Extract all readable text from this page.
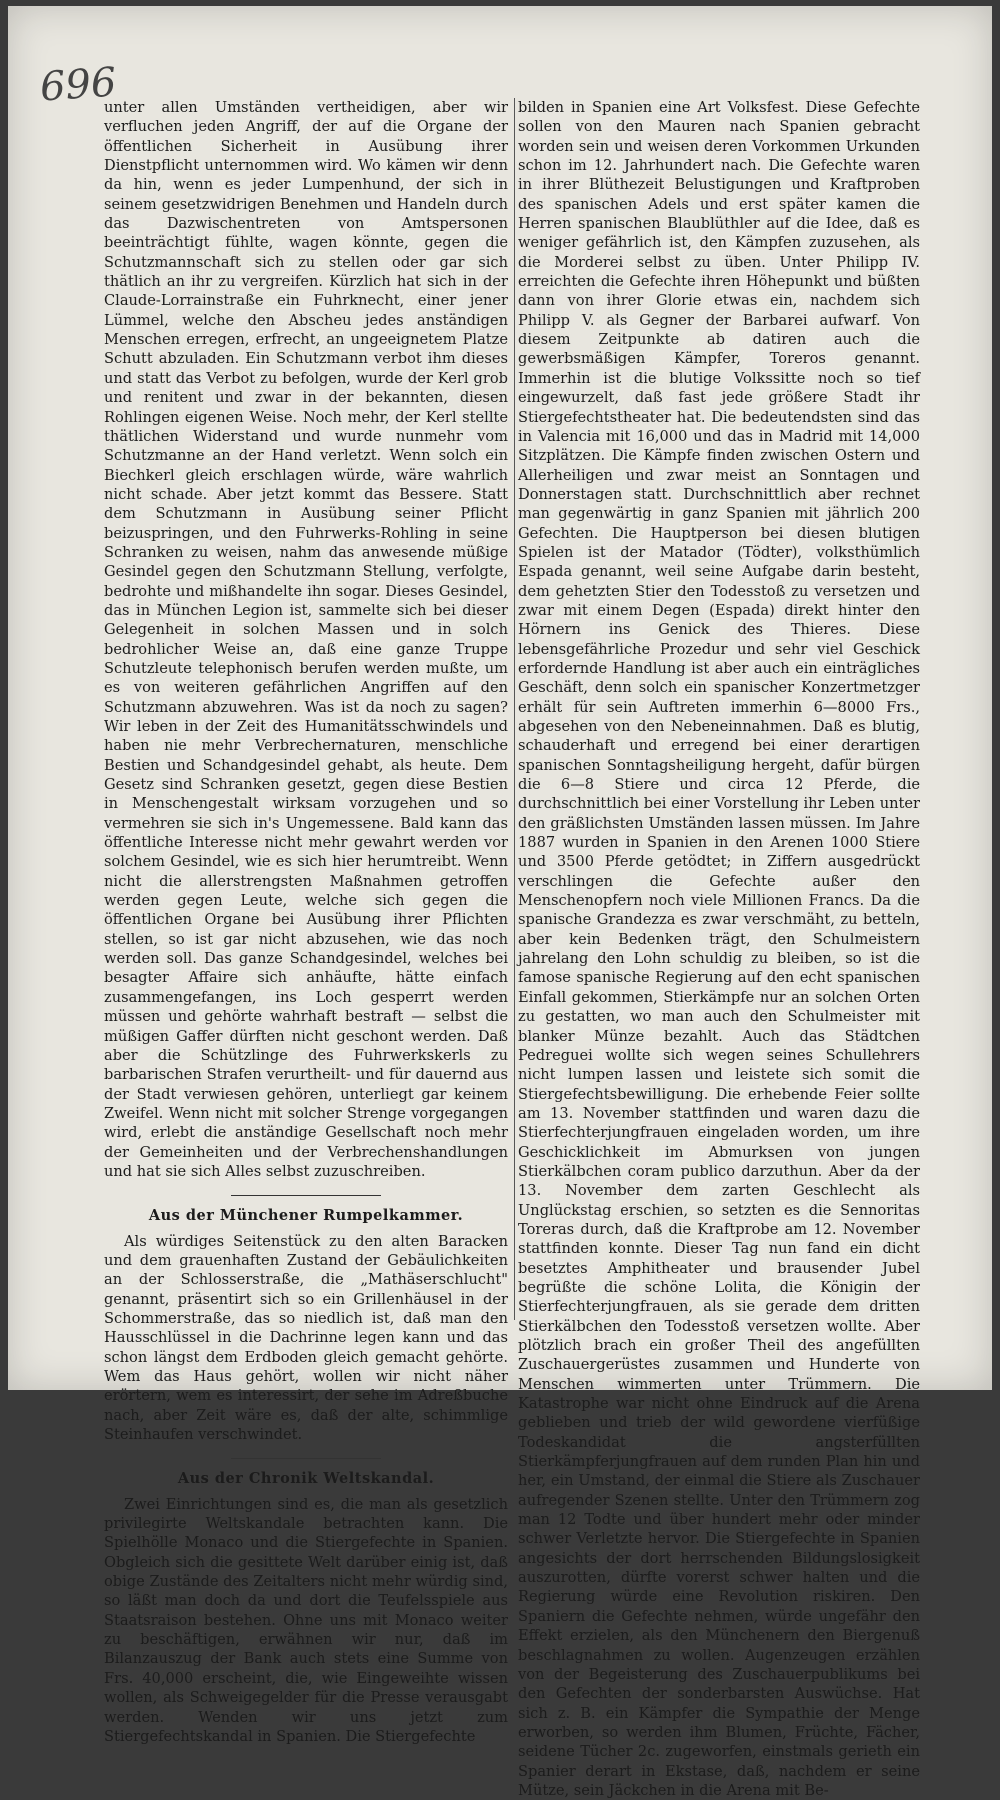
696

unter allen Umständen vertheidigen, aber wir verfluchen jeden Angriff, der auf die Organe der öffentlichen Sicherheit in Ausübung ihrer Dienstpflicht unternommen wird. Wo kämen wir denn da hin, wenn es jeder Lumpenhund, der sich in seinem gesetzwidrigen Benehmen und Handeln durch das Dazwischentreten von Amtspersonen beeinträchtigt fühlte, wagen könnte, gegen die Schutzmannschaft sich zu stellen oder gar sich thätlich an ihr zu vergreifen. Kürzlich hat sich in der Claude-Lorrainstraße ein Fuhrknecht, einer jener Lümmel, welche den Abscheu jedes anständigen Menschen erregen, erfrecht, an ungeeignetem Platze Schutt abzuladen. Ein Schutzmann verbot ihm dieses und statt das Verbot zu befolgen, wurde der Kerl grob und renitent und zwar in der bekannten, diesen Rohlingen eigenen Weise. Noch mehr, der Kerl stellte thätlichen Widerstand und wurde nunmehr vom Schutzmanne an der Hand verletzt. Wenn solch ein Biechkerl gleich erschlagen würde, wäre wahrlich nicht schade. Aber jetzt kommt das Bessere. Statt dem Schutzmann in Ausübung seiner Pflicht beizuspringen, und den Fuhrwerks-Rohling in seine Schranken zu weisen, nahm das anwesende müßige Gesindel gegen den Schutzmann Stellung, verfolgte, bedrohte und mißhandelte ihn sogar. Dieses Gesindel, das in München Legion ist, sammelte sich bei dieser Gelegenheit in solchen Massen und in solch bedrohlicher Weise an, daß eine ganze Truppe Schutzleute telephonisch berufen werden mußte, um es von weiteren gefährlichen Angriffen auf den Schutzmann abzuwehren. Was ist da noch zu sagen? Wir leben in der Zeit des Humanitätsschwindels und haben nie mehr Verbrechernaturen, menschliche Bestien und Schandgesindel gehabt, als heute. Dem Gesetz sind Schranken gesetzt, gegen diese Bestien in Menschengestalt wirksam vorzugehen und so vermehren sie sich in's Ungemessene. Bald kann das öffentliche Interesse nicht mehr gewahrt werden vor solchem Gesindel, wie es sich hier herumtreibt. Wenn nicht die allerstrengsten Maßnahmen getroffen werden gegen Leute, welche sich gegen die öffentlichen Organe bei Ausübung ihrer Pflichten stellen, so ist gar nicht abzusehen, wie das noch werden soll. Das ganze Schandgesindel, welches bei besagter Affaire sich anhäufte, hätte einfach zusammengefangen, ins Loch gesperrt werden müssen und gehörte wahrhaft bestraft — selbst die müßigen Gaffer dürften nicht geschont werden. Daß aber die Schützlinge des Fuhrwerkskerls zu barbarischen Strafen verurtheilt- und für dauernd aus der Stadt verwiesen gehören, unterliegt gar keinem Zweifel. Wenn nicht mit solcher Strenge vorgegangen wird, erlebt die anständige Gesellschaft noch mehr der Gemeinheiten und der Verbrechenshandlungen und hat sie sich Alles selbst zuzuschreiben.

Aus der Münchener Rumpelkammer.

Als würdiges Seitenstück zu den alten Baracken und dem grauenhaften Zustand der Gebäulichkeiten an der Schlosserstraße, die „Mathäserschlucht" genannt, präsentirt sich so ein Grillenhäusel in der Schommerstraße, das so niedlich ist, daß man den Hausschlüssel in die Dachrinne legen kann und das schon längst dem Erdboden gleich gemacht gehörte. Wem das Haus gehört, wollen wir nicht näher erörtern, wem es interessirt, der sehe im Adreßbuche nach, aber Zeit wäre es, daß der alte, schimmlige Steinhaufen verschwindet.

Aus der Chronik Weltskandal.

Zwei Einrichtungen sind es, die man als gesetzlich privilegirte Weltskandale betrachten kann. Die Spielhölle Monaco und die Stiergefechte in Spanien. Obgleich sich die gesittete Welt darüber einig ist, daß obige Zustände des Zeitalters nicht mehr würdig sind, so läßt man doch da und dort die Teufelsspiele aus Staatsraison bestehen. Ohne uns mit Monaco weiter zu beschäftigen, erwähnen wir nur, daß im Bilanzauszug der Bank auch stets eine Summe von Frs. 40,000 erscheint, die, wie Eingeweihte wissen wollen, als Schweigegelder für die Presse verausgabt werden. Wenden wir uns jetzt zum Stiergefechtskandal in Spanien. Die Stiergefechte

bilden in Spanien eine Art Volksfest. Diese Gefechte sollen von den Mauren nach Spanien gebracht worden sein und weisen deren Vorkommen Urkunden schon im 12. Jahrhundert nach. Die Gefechte waren in ihrer Blüthezeit Belustigungen und Kraftproben des spanischen Adels und erst später kamen die Herren spanischen Blaublüthler auf die Idee, daß es weniger gefährlich ist, den Kämpfen zuzusehen, als die Morderei selbst zu üben. Unter Philipp IV. erreichten die Gefechte ihren Höhepunkt und büßten dann von ihrer Glorie etwas ein, nachdem sich Philipp V. als Gegner der Barbarei aufwarf. Von diesem Zeitpunkte ab datiren auch die gewerbsmäßigen Kämpfer, Toreros genannt. Immerhin ist die blutige Volkssitte noch so tief eingewurzelt, daß fast jede größere Stadt ihr Stiergefechtstheater hat. Die bedeutendsten sind das in Valencia mit 16,000 und das in Madrid mit 14,000 Sitzplätzen. Die Kämpfe finden zwischen Ostern und Allerheiligen und zwar meist an Sonntagen und Donnerstagen statt. Durchschnittlich aber rechnet man gegenwärtig in ganz Spanien mit jährlich 200 Gefechten. Die Hauptperson bei diesen blutigen Spielen ist der Matador (Tödter), volksthümlich Espada genannt, weil seine Aufgabe darin besteht, dem gehetzten Stier den Todesstoß zu versetzen und zwar mit einem Degen (Espada) direkt hinter den Hörnern ins Genick des Thieres. Diese lebensgefährliche Prozedur und sehr viel Geschick erfordernde Handlung ist aber auch ein einträgliches Geschäft, denn solch ein spanischer Konzertmetzger erhält für sein Auftreten immerhin 6—8000 Frs., abgesehen von den Nebeneinnahmen. Daß es blutig, schauderhaft und erregend bei einer derartigen spanischen Sonntagsheiligung hergeht, dafür bürgen die 6—8 Stiere und circa 12 Pferde, die durchschnittlich bei einer Vorstellung ihr Leben unter den gräßlichsten Umständen lassen müssen. Im Jahre 1887 wurden in Spanien in den Arenen 1000 Stiere und 3500 Pferde getödtet; in Ziffern ausgedrückt verschlingen die Gefechte außer den Menschenopfern noch viele Millionen Francs. Da die spanische Grandezza es zwar verschmäht, zu betteln, aber kein Bedenken trägt, den Schulmeistern jahrelang den Lohn schuldig zu bleiben, so ist die famose spanische Regierung auf den echt spanischen Einfall gekommen, Stierkämpfe nur an solchen Orten zu gestatten, wo man auch den Schulmeister mit blanker Münze bezahlt. Auch das Städtchen Pedreguei wollte sich wegen seines Schullehrers nicht lumpen lassen und leistete sich somit die Stiergefechtsbewilligung. Die erhebende Feier sollte am 13. November stattfinden und waren dazu die Stierfechterjungfrauen eingeladen worden, um ihre Geschicklichkeit im Abmurksen von jungen Stierkälbchen coram publico darzuthun. Aber da der 13. November dem zarten Geschlecht als Unglückstag erschien, so setzten es die Sennoritas Toreras durch, daß die Kraftprobe am 12. November stattfinden konnte. Dieser Tag nun fand ein dicht besetztes Amphitheater und brausender Jubel begrüßte die schöne Lolita, die Königin der Stierfechterjungfrauen, als sie gerade dem dritten Stierkälbchen den Todesstoß versetzen wollte. Aber plötzlich brach ein großer Theil des angefüllten Zuschauergerüstes zusammen und Hunderte von Menschen wimmerten unter Trümmern. Die Katastrophe war nicht ohne Eindruck auf die Arena geblieben und trieb der wild gewordene vierfüßige Todeskandidat die angsterfüllten Stierkämpferjungfrauen auf dem runden Plan hin und her, ein Umstand, der einmal die Stiere als Zuschauer aufregender Szenen stellte. Unter den Trümmern zog man 12 Todte und über hundert mehr oder minder schwer Verletzte hervor. Die Stiergefechte in Spanien angesichts der dort herrschenden Bildungslosigkeit auszurotten, dürfte vorerst schwer halten und die Regierung würde eine Revolution riskiren. Den Spaniern die Gefechte nehmen, würde ungefähr den Effekt erzielen, als den Münchenern den Biergenuß beschlagnahmen zu wollen. Augenzeugen erzählen von der Begeisterung des Zuschauerpublikums bei den Gefechten der sonderbarsten Auswüchse. Hat sich z. B. ein Kämpfer die Sympathie der Menge erworben, so werden ihm Blumen, Früchte, Fächer, seidene Tücher 2c. zugeworfen, einstmals gerieth ein Spanier derart in Ekstase, daß, nachdem er seine Mütze, sein Jäckchen in die Arena mit Be-
